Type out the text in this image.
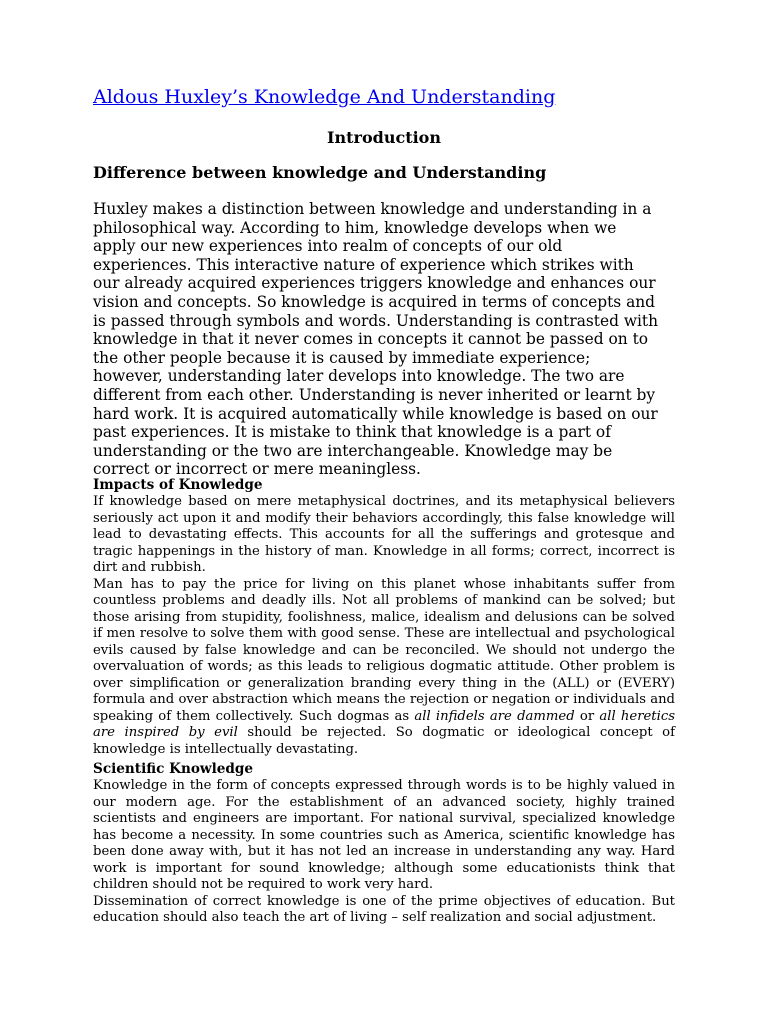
Aldous Huxley’s Knowledge And Understanding
Introduction
Difference between knowledge and Understanding

Huxley makes a distinction between knowledge and understanding in a philosophical way. According to him, knowledge develops when we apply our new experiences into realm of concepts of our old experiences. This interactive nature of experience which strikes with our already acquired experiences triggers knowledge and enhances our vision and concepts. So knowledge is acquired in terms of concepts and is passed through symbols and words. Understanding is contrasted with knowledge in that it never comes in concepts it cannot be passed on to the other people because it is caused by immediate experience; however, understanding later develops into knowledge. The two are different from each other. Understanding is never inherited or learnt by hard work. It is acquired automatically while knowledge is based on our past experiences. It is mistake to think that knowledge is a part of understanding or the two are interchangeable. Knowledge may be correct or incorrect or mere meaningless.

Impacts of Knowledge

If knowledge based on mere metaphysical doctrines, and its metaphysical believers seriously act upon it and modify their behaviors accordingly, this false knowledge will lead to devastating effects. This accounts for all the sufferings and grotesque and tragic happenings in the history of man. Knowledge in all forms; correct, incorrect is dirt and rubbish.

Man has to pay the price for living on this planet whose inhabitants suffer from countless problems and deadly ills. Not all problems of mankind can be solved; but those arising from stupidity, foolishness, malice, idealism and delusions can be solved if men resolve to solve them with good sense. These are intellectual and psychological evils caused by false knowledge and can be reconciled. We should not undergo the overvaluation of words; as this leads to religious dogmatic attitude. Other problem is over simplification or generalization branding every thing in the (ALL) or (EVERY) formula and over abstraction which means the rejection or negation or individuals and speaking of them collectively. Such dogmas as all infidels are dammed or all heretics are inspired by evil should be rejected. So dogmatic or ideological concept of knowledge is intellectually devastating.

Scientific Knowledge

Knowledge in the form of concepts expressed through words is to be highly valued in our modern age. For the establishment of an advanced society, highly trained scientists and engineers are important. For national survival, specialized knowledge has become a necessity. In some countries such as America, scientific knowledge has been done away with, but it has not led an increase in understanding any way. Hard work is important for sound knowledge; although some educationists think that children should not be required to work very hard.

Dissemination of correct knowledge is one of the prime objectives of education. But education should also teach the art of living – self realization and social adjustment.
